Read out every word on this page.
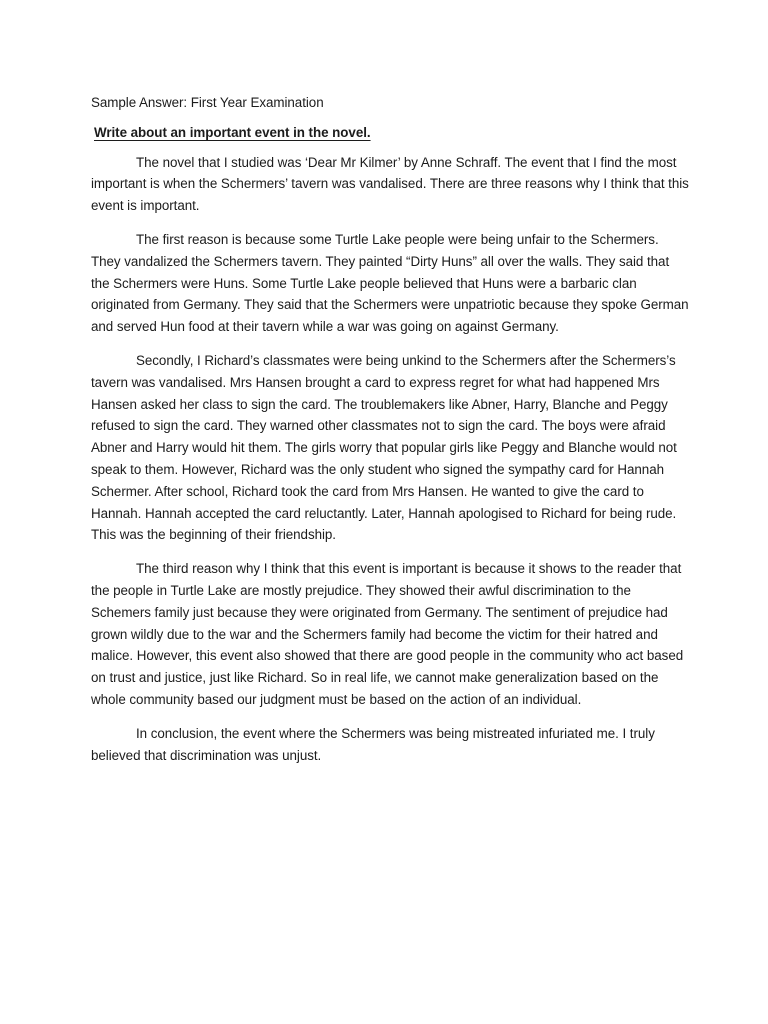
Sample Answer: First Year Examination

Write about an important event in the novel.

The novel that I studied was ‘Dear Mr Kilmer’ by Anne Schraff. The event that I find the most important is when the Schermers’ tavern was vandalised. There are three reasons why I think that this event is important.

The first reason is because some Turtle Lake people were being unfair to the Schermers. They vandalized the Schermers tavern. They painted “Dirty Huns” all over the walls. They said that the Schermers were Huns. Some Turtle Lake people believed that Huns were a barbaric clan originated from Germany. They said that the Schermers were unpatriotic because they spoke German and served Hun food at their tavern while a war was going on against Germany.

Secondly, I Richard’s classmates were being unkind to the Schermers after the Schermers’s tavern was vandalised. Mrs Hansen brought a card to express regret for what had happened Mrs Hansen asked her class to sign the card. The troublemakers like Abner, Harry, Blanche and Peggy refused to sign the card. They warned other classmates not to sign the card. The boys were afraid Abner and Harry would hit them. The girls worry that popular girls like Peggy and Blanche would not speak to them. However, Richard was the only student who signed the sympathy card for Hannah Schermer. After school, Richard took the card from Mrs Hansen. He wanted to give the card to Hannah. Hannah accepted the card reluctantly. Later, Hannah apologised to Richard for being rude. This was the beginning of their friendship.

The third reason why I think that this event is important is because it shows to the reader that the people in Turtle Lake are mostly prejudice. They showed their awful discrimination to the Schemers family just because they were originated from Germany. The sentiment of prejudice had grown wildly due to the war and the Schermers family had become the victim for their hatred and malice. However, this event also showed that there are good people in the community who act based on trust and justice, just like Richard. So in real life, we cannot make generalization based on the whole community based our judgment must be based on the action of an individual.

In conclusion, the event where the Schermers was being mistreated infuriated me. I truly believed that discrimination was unjust.
